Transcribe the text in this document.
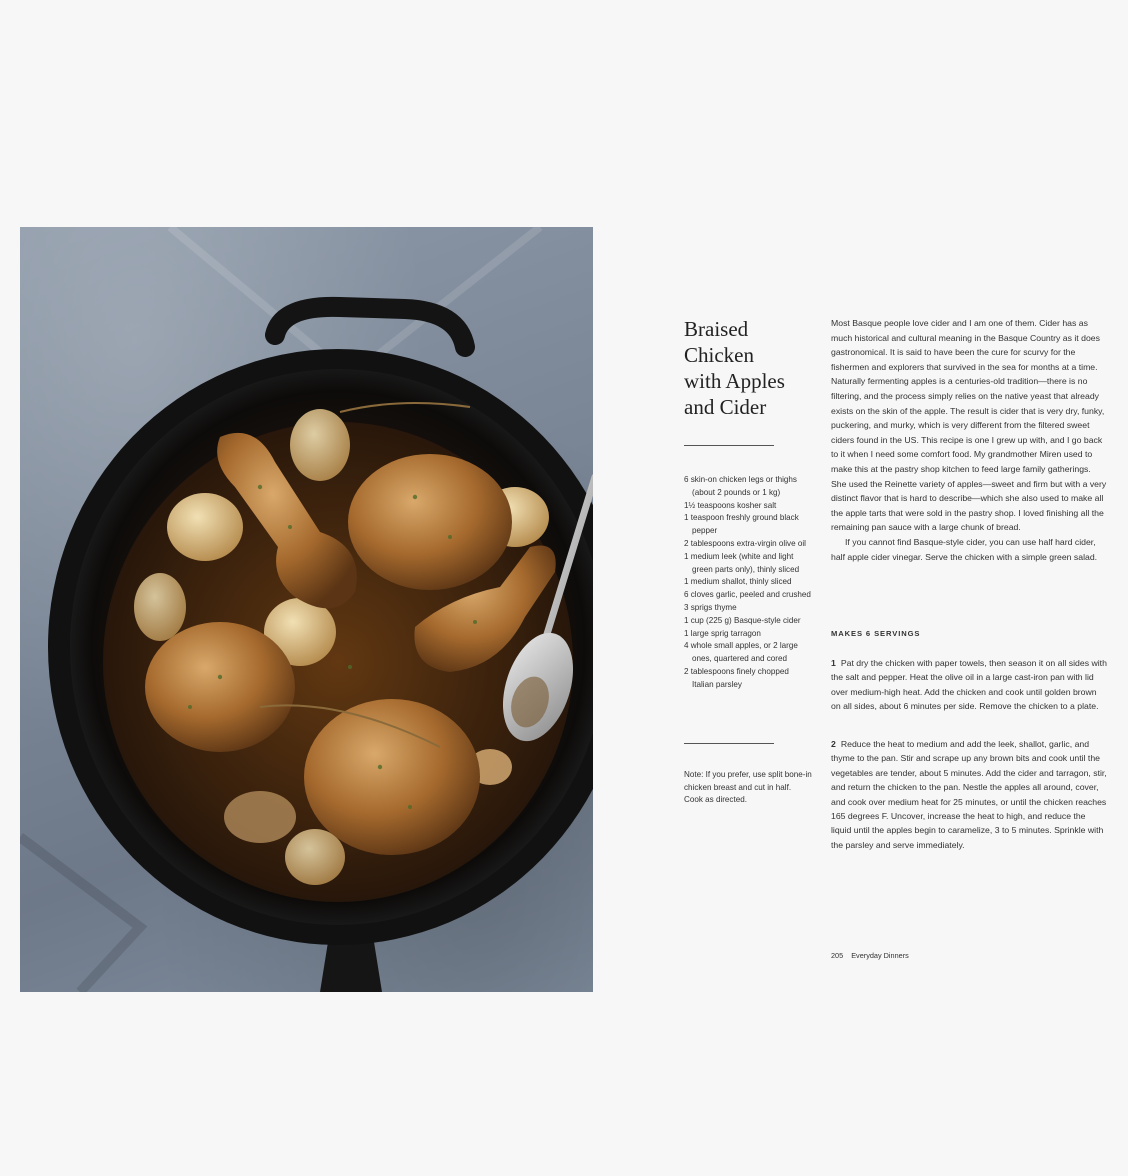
Braised
Chicken
with Apples
and Cider
6 skin-on chicken legs or thighs (about 2 pounds or 1 kg)
1½ teaspoons kosher salt
1 teaspoon freshly ground black pepper
2 tablespoons extra-virgin olive oil
1 medium leek (white and light green parts only), thinly sliced
1 medium shallot, thinly sliced
6 cloves garlic, peeled and crushed
3 sprigs thyme
1 cup (225 g) Basque-style cider
1 large sprig tarragon
4 whole small apples, or 2 large ones, quartered and cored
2 tablespoons finely chopped Italian parsley

Note: If you prefer, use split bone-in chicken breast and cut in half. Cook as directed.

Most Basque people love cider and I am one of them. Cider has as much historical and cultural meaning in the Basque Country as it does gastronomical. It is said to have been the cure for scurvy for the fishermen and explorers that survived in the sea for months at a time. Naturally fermenting apples is a centuries-old tradition—there is no filtering, and the process simply relies on the native yeast that already exists on the skin of the apple. The result is cider that is very dry, funky, puckering, and murky, which is very different from the filtered sweet ciders found in the US. This recipe is one I grew up with, and I go back to it when I need some comfort food. My grandmother Miren used to make this at the pastry shop kitchen to feed large family gatherings. She used the Reinette variety of apples—sweet and firm but with a very distinct flavor that is hard to describe—which she also used to make all the apple tarts that were sold in the pastry shop. I loved finishing all the remaining pan sauce with a large chunk of bread.

If you cannot find Basque-style cider, you can use half hard cider, half apple cider vinegar. Serve the chicken with a simple green salad.

MAKES 6 SERVINGS

1 Pat dry the chicken with paper towels, then season it on all sides with the salt and pepper. Heat the olive oil in a large cast-iron pan with lid over medium-high heat. Add the chicken and cook until golden brown on all sides, about 6 minutes per side. Remove the chicken to a plate.

2 Reduce the heat to medium and add the leek, shallot, garlic, and thyme to the pan. Stir and scrape up any brown bits and cook until the vegetables are tender, about 5 minutes. Add the cider and tarragon, stir, and return the chicken to the pan. Nestle the apples all around, cover, and cook over medium heat for 25 minutes, or until the chicken reaches 165 degrees F. Uncover, increase the heat to high, and reduce the liquid until the apples begin to caramelize, 3 to 5 minutes. Sprinkle with the parsley and serve immediately.

205 Everyday Dinners
